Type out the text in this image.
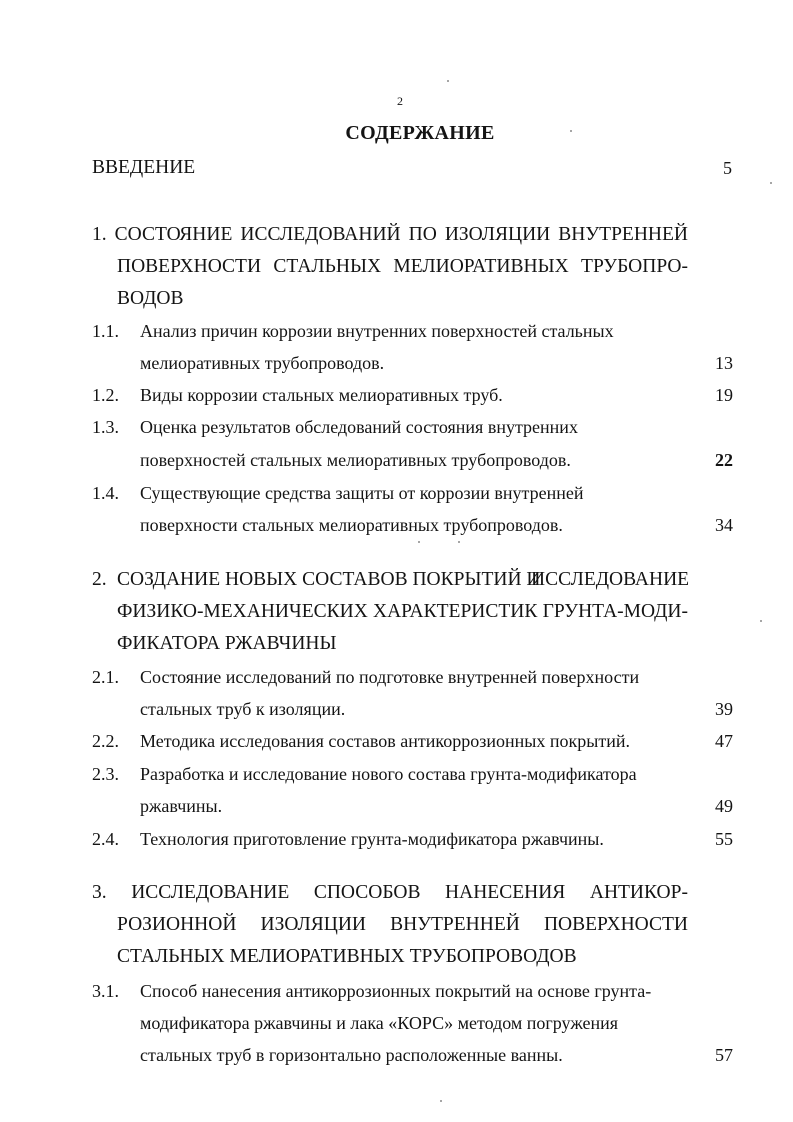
2
СОДЕРЖАНИЕ
ВВЕДЕНИЕ	5
1. СОСТОЯНИЕ ИССЛЕДОВАНИЙ ПО ИЗОЛЯЦИИ ВНУТРЕННЕЙ
ПОВЕРХНОСТИ СТАЛЬНЫХ МЕЛИОРАТИВНЫХ ТРУБОПРО-
ВОДОВ
1.1. Анализ причин коррозии внутренних поверхностей стальных
мелиоративных трубопроводов.	13
1.2. Виды коррозии стальных мелиоративных труб.	19
1.3. Оценка результатов обследований состояния внутренних
поверхностей стальных мелиоративных трубопроводов.	22
1.4. Существующие средства защиты от коррозии внутренней
поверхности стальных мелиоративных трубопроводов.	34
2. СОЗДАНИЕ НОВЫХ СОСТАВОВ ПОКРЫТИЙ И
ИССЛЕДОВАНИЕ
ФИЗИКО-МЕХАНИЧЕСКИХ ХАРАКТЕРИСТИК ГРУНТА-МОДИ-
ФИКАТОРА РЖАВЧИНЫ
2.1. Состояние исследований по подготовке внутренней поверхности
стальных труб к изоляции.	39
2.2. Методика исследования составов антикоррозионных покрытий.	47
2.3. Разработка и исследование нового состава грунта-модификатора
ржавчины.	49
2.4. Технология приготовление грунта-модификатора ржавчины.	55
3. ИССЛЕДОВАНИЕ СПОСОБОВ НАНЕСЕНИЯ АНТИКОР-
РОЗИОННОЙ ИЗОЛЯЦИИ ВНУТРЕННЕЙ ПОВЕРХНОСТИ
СТАЛЬНЫХ МЕЛИОРАТИВНЫХ ТРУБОПРОВОДОВ
3.1. Способ нанесения антикоррозионных покрытий на основе грунта-
модификатора ржавчины и лака «КОРС» методом погружения
стальных труб в горизонтально расположенные ванны.	57
